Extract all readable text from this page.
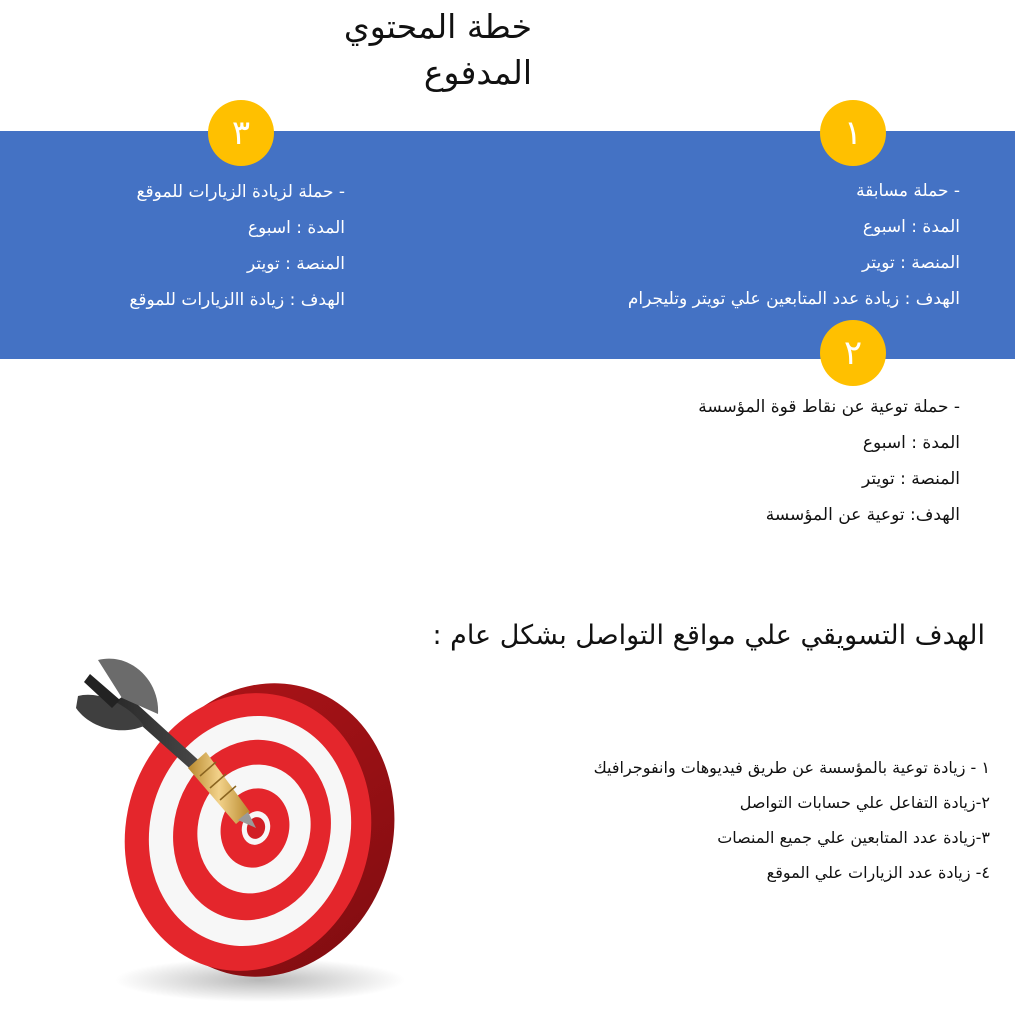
خطة المحتوي
المدفوع
١
- حملة مسابقة
المدة : اسبوع
المنصة : تويتر
الهدف : زيادة عدد المتابعين علي تويتر وتليجرام
٣
- حملة لزيادة الزيارات للموقع
المدة : اسبوع
المنصة : تويتر
الهدف : زيادة االزيارات للموقع
٢
- حملة توعية عن نقاط قوة المؤسسة
المدة : اسبوع
المنصة : تويتر
الهدف: توعية عن المؤسسة
الهدف التسويقي علي مواقع التواصل بشكل عام :
١ - زيادة توعية بالمؤسسة عن طريق فيديوهات وانفوجرافيك
٢-زيادة التفاعل علي حسابات التواصل
٣-زيادة عدد المتابعين علي جميع المنصات
٤- زيادة عدد الزيارات علي الموقع
